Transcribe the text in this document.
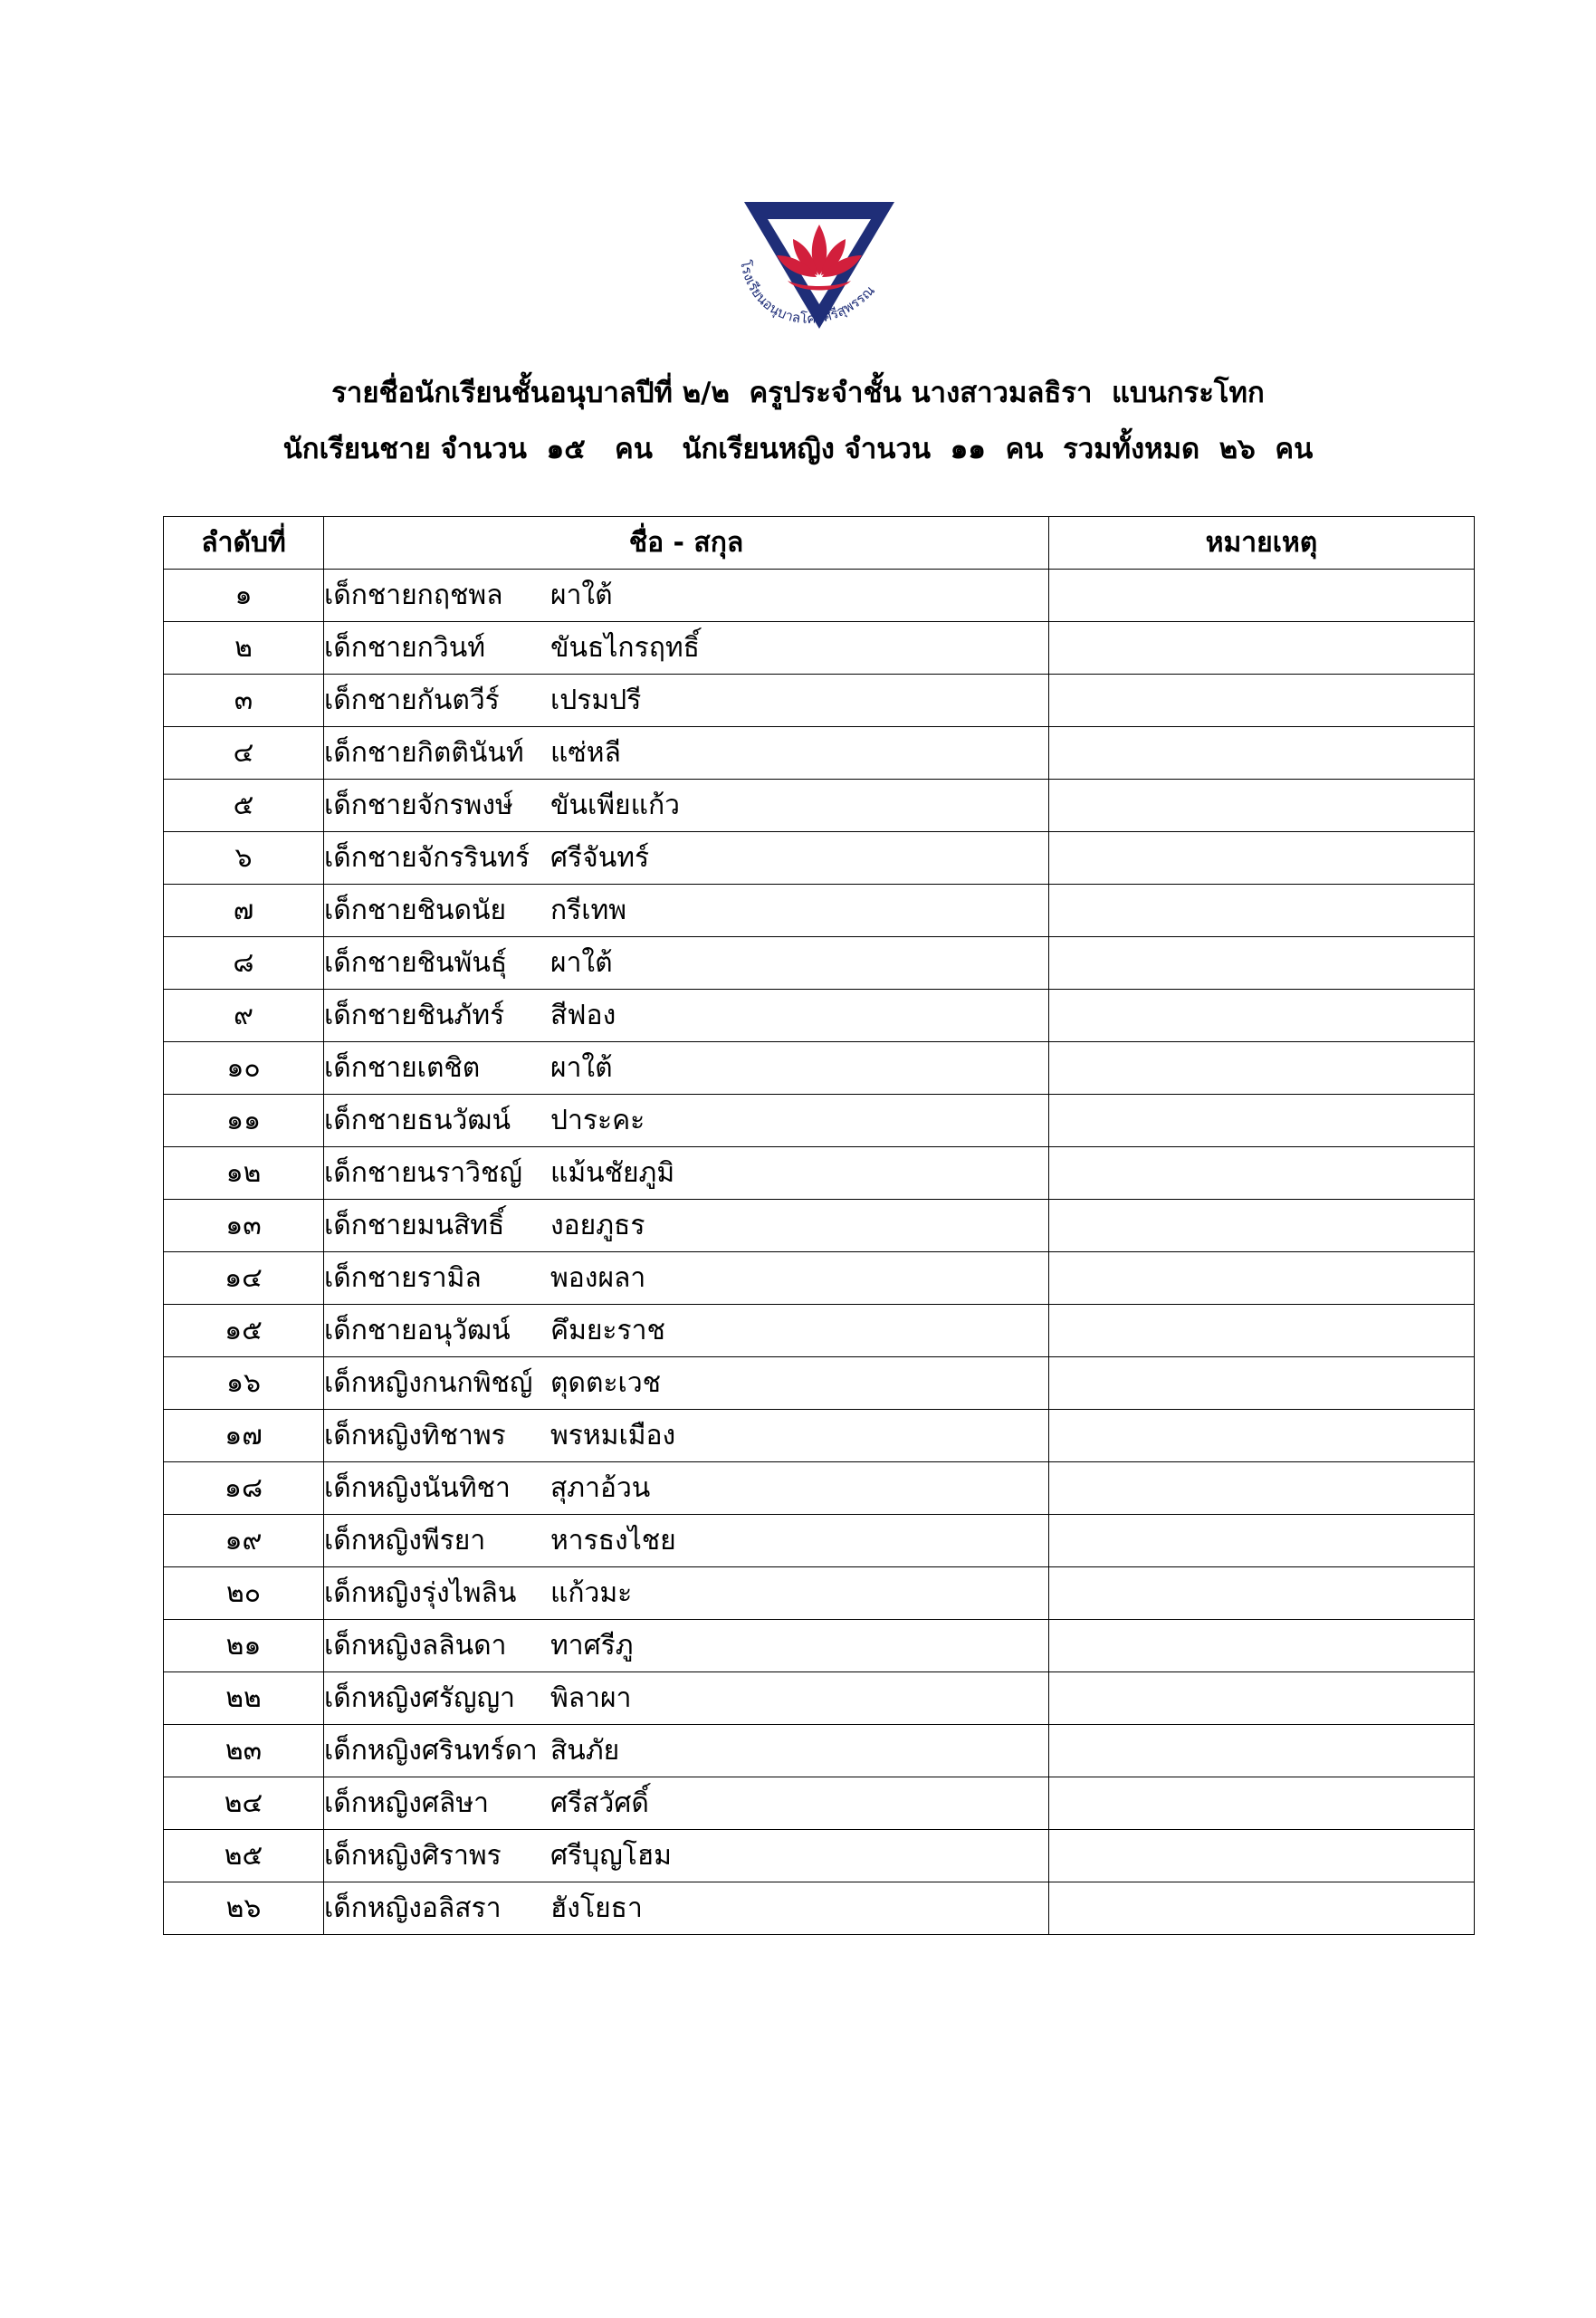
โรงเรียนอนุบาลโคกศรีสุพรรณ
รายชื่อนักเรียนชั้นอนุบาลปีที่ ๒/๒  ครูประจำชั้น นางสาวมลธิรา  แบนกระโทก
นักเรียนชาย จำนวน  ๑๕   คน   นักเรียนหญิง จำนวน  ๑๑  คน  รวมทั้งหมด  ๒๖  คน
ลำดับที่	ชื่อ - สกุล	หมายเหตุ
๑	เด็กชายกฤชพล ผาใต้	
๒	เด็กชายกวินท์ ขันธไกรฤทธิ์	
๓	เด็กชายกันตวีร์ เปรมปรี	
๔	เด็กชายกิตตินันท์ แซ่หลี	
๕	เด็กชายจักรพงษ์ ขันเพียแก้ว	
๖	เด็กชายจักรรินทร์ ศรีจันทร์	
๗	เด็กชายชินดนัย กรีเทพ	
๘	เด็กชายชินพันธุ์ ผาใต้	
๙	เด็กชายชินภัทร์ สีฟอง	
๑๐	เด็กชายเตชิต ผาใต้	
๑๑	เด็กชายธนวัฒน์ ปาระคะ	
๑๒	เด็กชายนราวิชญ์ แม้นชัยภูมิ	
๑๓	เด็กชายมนสิทธิ์ งอยภูธร	
๑๔	เด็กชายรามิล พองผลา	
๑๕	เด็กชายอนุวัฒน์ คึมยะราช	
๑๖	เด็กหญิงกนกพิชญ์ ตุดตะเวช	
๑๗	เด็กหญิงทิชาพร พรหมเมือง	
๑๘	เด็กหญิงนันทิชา สุภาอ้วน	
๑๙	เด็กหญิงพีรยา หารธงไชย	
๒๐	เด็กหญิงรุ่งไพลิน แก้วมะ	
๒๑	เด็กหญิงลลินดา ทาศรีภู	
๒๒	เด็กหญิงศรัญญา พิลาผา	
๒๓	เด็กหญิงศรินทร์ดา สินภัย	
๒๔	เด็กหญิงศลิษา ศรีสวัศดิ์	
๒๕	เด็กหญิงศิราพร ศรีบุญโฮม	
๒๖	เด็กหญิงอลิสรา ฮังโยธา	
